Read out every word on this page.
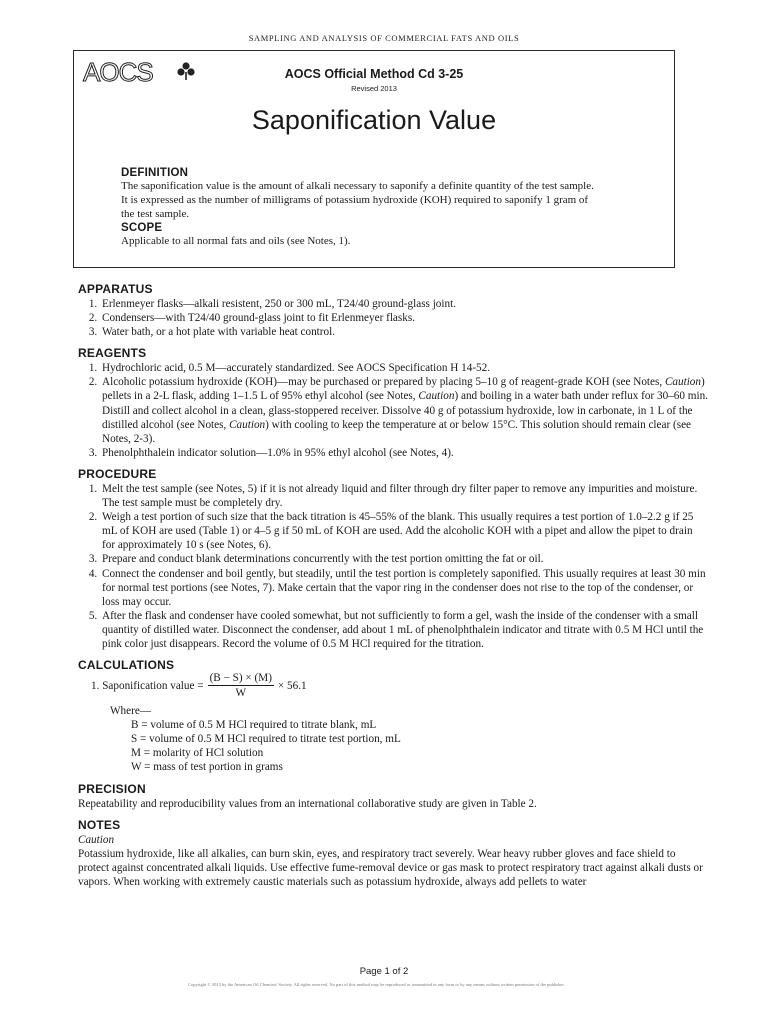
SAMPLING AND ANALYSIS OF COMMERCIAL FATS AND OILS
AOCS	AOCS Official Method Cd 3-25
Revised 2013
Saponification Value
DEFINITION

The saponification value is the amount of alkali necessary to saponify a definite quantity of the test sample.

It is expressed as the number of milligrams of potassium hydroxide (KOH) required to saponify 1 gram of

the test sample.

SCOPE

Applicable to all normal fats and oils (see Notes, 1).

APPARATUS
1. Erlenmeyer flasks—alkali resistent, 250 or 300 mL, T24/40 ground-glass joint.
2. Condensers—with T24/40 ground-glass joint to fit Erlenmeyer flasks.
3. Water bath, or a hot plate with variable heat control.
REAGENTS
1. Hydrochloric acid, 0.5 M—accurately standardized. See AOCS Specification H 14-52.
2. Alcoholic potassium hydroxide (KOH)—may be purchased or prepared by placing 5–10 g of reagent-grade KOH (see Notes, Caution) pellets in a 2-L flask, adding 1–1.5 L of 95% ethyl alcohol (see Notes, Caution) and boiling in a water bath under reflux for 30–60 min. Distill and collect alcohol in a clean, glass-stoppered receiver. Dissolve 40 g of potassium hydroxide, low in carbonate, in 1 L of the distilled alcohol (see Notes, Caution) with cooling to keep the temperature at or below 15°C. This solution should remain clear (see Notes, 2-3).
3. Phenolphthalein indicator solution—1.0% in 95% ethyl alcohol (see Notes, 4).
PROCEDURE
1. Melt the test sample (see Notes, 5) if it is not already liquid and filter through dry filter paper to remove any impurities and moisture. The test sample must be completely dry.
2. Weigh a test portion of such size that the back titration is 45–55% of the blank. This usually requires a test portion of 1.0–2.2 g if 25 mL of KOH are used (Table 1) or 4–5 g if 50 mL of KOH are used. Add the alcoholic KOH with a pipet and allow the pipet to drain for approximately 10 s (see Notes, 6).
3. Prepare and conduct blank determinations concurrently with the test portion omitting the fat or oil.
4. Connect the condenser and boil gently, but steadily, until the test portion is completely saponified. This usually requires at least 30 min for normal test portions (see Notes, 7). Make certain that the vapor ring in the condenser does not rise to the top of the condenser, or loss may occur.
5. After the flask and condenser have cooled somewhat, but not sufficiently to form a gel, wash the inside of the condenser with a small quantity of distilled water. Disconnect the condenser, add about 1 mL of phenolphthalein indicator and titrate with 0.5 M HCl until the pink color just disappears. Record the volume of 0.5 M HCl required for the titration.
CALCULATIONS
1. Saponification value = $\frac{(B - S) \times (M)}{W} \times 56.1$
Where—
B = volume of 0.5 M HCl required to titrate blank, mL
S = volume of 0.5 M HCl required to titrate test portion, mL
M = molarity of HCl solution
W = mass of test portion in grams
PRECISION

Repeatability and reproducibility values from an international collaborative study are given in Table 2.

NOTES
Caution

Potassium hydroxide, like all alkalies, can burn skin, eyes, and respiratory tract severely. Wear heavy rubber gloves and face shield to protect against concentrated alkali liquids. Use effective fume-removal device or gas mask to protect respiratory tract against alkali dusts or vapors. When working with extremely caustic materials such as potassium hydroxide, always add pellets to water

Page 1 of 2
Copyright © 2013 by the American Oil Chemists' Society. All rights reserved. No part of this method may be reproduced or transmitted in any form or by any means without written permission of the publisher.
